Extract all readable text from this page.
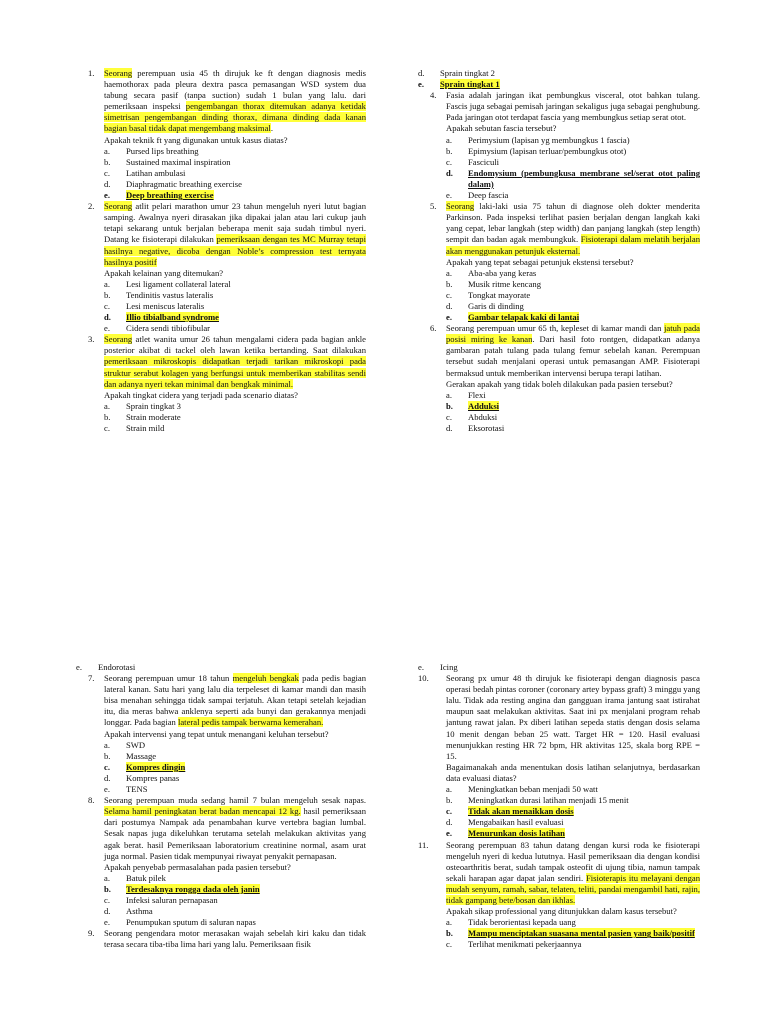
1. Seorang perempuan usia 45 th dirujuk ke ft dengan diagnosis medis haemothorax pada pleura dextra pasca pemasangan WSD system dua tabung secara pasif (tanpa suction) sudah 1 bulan yang lalu. dari pemeriksaan inspeksi pengembangan thorax ditemukan adanya ketidak simetrisan pengembangan dinding thorax, dimana dinding dada kanan bagian basal tidak dapat mengembang maksimal.

Apakah teknik ft yang digunakan untuk kasus diatas?

a. Pursed lips breathing
b. Sustained maximal inspiration
c. Latihan ambulasi
d. Diaphragmatic breathing exercise
e. Deep breathing exercise
2. Seorang atlit pelari marathon umur 23 tahun mengeluh nyeri lutut bagian samping. Awalnya nyeri dirasakan jika dipakai jalan atau lari cukup jauh tetapi sekarang untuk berjalan beberapa menit saja sudah timbul nyeri. Datang ke fisioterapi dilakukan pemeriksaan dengan tes MC Murray tetapi hasilnya negative, dicoba dengan Noble’s compression test ternyata hasilnya positif

Apakah kelainan yang ditemukan?

a. Lesi ligament collateral lateral
b. Tendinitis vastus lateralis
c. Lesi meniscus lateralis
d. Illio tibialband syndrome
e. Cidera sendi tibiofibular
3. Seorang atlet wanita umur 26 tahun mengalami cidera pada bagian ankle posterior akibat di tackel oleh lawan ketika bertanding. Saat dilakukan pemeriksaan mikroskopis didapatkan terjadi tarikan mikroskopi pada struktur serabut kolagen yang berfungsi untuk memberikan stabilitas sendi dan adanya nyeri tekan minimal dan bengkak minimal.

Apakah tingkat cidera yang terjadi pada scenario diatas?

a. Sprain tingkat 3
b. Strain moderate
c. Strain mild
d. Sprain tingkat 2
e. Sprain tingkat 1
4. Fasia adalah jaringan ikat pembungkus visceral, otot bahkan tulang. Fascis juga sebagai pemisah jaringan sekaligus juga sebagai penghubung. Pada jaringan otot terdapat fascia yang membungkus setiap serat otot.

Apakah sebutan fascia tersebut?

a. Perimysium (lapisan yg membungkus 1 fascia)
b. Epimysium (lapisan terluar/pembungkus otot)
c. Fasciculi
d. Endomysium (pembungkusa membrane sel/serat otot paling dalam)
e. Deep fascia
5. Seorang laki-laki usia 75 tahun di diagnose oleh dokter menderita Parkinson. Pada inspeksi terlihat pasien berjalan dengan langkah kaki yang cepat, lebar langkah (step width) dan panjang langkah (step length) sempit dan badan agak membungkuk. Fisioterapi dalam melatih berjalan akan menggunakan petunjuk eksternal.

Apakah yang tepat sebagai petunjuk ekstensi tersebut?

a. Aba-aba yang keras
b. Musik ritme kencang
c. Tongkat mayorate
d. Garis di dinding
e. Gambar telapak kaki di lantai
6. Seorang perempuan umur 65 th, kepleset di kamar mandi dan jatuh pada posisi miring ke kanan. Dari hasil foto rontgen, didapatkan adanya gambaran patah tulang pada tulang femur sebelah kanan. Perempuan tersebut sudah menjalani operasi untuk pemasangan AMP. Fisioterapi bermaksud untuk memberikan intervensi berupa terapi latihan.

Gerakan apakah yang tidak boleh dilakukan pada pasien tersebut?

a. Flexi
b. Adduksi
c. Abduksi
d. Eksorotasi
e. Endorotasi
7. Seorang perempuan umur 18 tahun mengeluh bengkak pada pedis bagian lateral kanan. Satu hari yang lalu dia terpeleset di kamar mandi dan masih bisa menahan sehingga tidak sampai terjatuh. Akan tetapi setelah kejadian itu, dia meras bahwa anklenya seperti ada bunyi dan gerakannya menjadi longgar. Pada bagian lateral pedis tampak berwarna kemerahan.

Apakah intervensi yang tepat untuk menangani keluhan tersebut?

a. SWD
b. Massage
c. Kompres dingin
d. Kompres panas
e. TENS
8. Seorang perempuan muda sedang hamil 7 bulan mengeluh sesak napas. Selama hamil peningkatan berat badan mencapai 12 kg. hasil pemeriksaan dari postumya Nampak ada penambahan kurve vertebra bagian lumbal. Sesak napas juga dikeluhkan terutama setelah melakukan aktivitas yang agak berat. hasil Pemeriksaan laboratorium creatinine normal, asam urat juga normal. Pasien tidak mempunyai riwayat penyakit pernapasan.

Apakah penyebab permasalahan pada pasien tersebut?

a. Batuk pilek
b. Terdesaknya rongga dada oleh janin
c. Infeksi saluran pernapasan
d. Asthma
e. Penumpukan sputum di saluran napas
9. Seorang pengendara motor merasakan wajah sebelah kiri kaku dan tidak terasa secara tiba-tiba lima hari yang lalu. Pemeriksaan fisik

e. Icing
10. Seorang px umur 48 th dirujuk ke fisioterapi dengan diagnosis pasca operasi bedah pintas coroner (coronary artey bypass graft) 3 minggu yang lalu. Tidak ada resting angina dan gangguan irama jantung saat istirahat maupun saat melakukan aktivitas. Saat ini px menjalani program rehab jantung rawat jalan. Px diberi latihan sepeda statis dengan dosis selama 10 menit dengan beban 25 watt. Target HR = 120. Hasil evaluasi menunjukkan resting HR 72 bpm, HR aktivitas 125, skala borg RPE = 15.

Bagaimanakah anda menentukan dosis latihan selanjutnya, berdasarkan data evaluasi diatas?

a. Meningkatkan beban menjadi 50 watt
b. Meningkatkan durasi latihan menjadi 15 menit
c. Tidak akan menaikkan dosis
d. Mengabaikan hasil evaluasi
e. Menurunkan dosis latihan
11. Seorang perempuan 83 tahun datang dengan kursi roda ke fisioterapi mengeluh nyeri di kedua lututnya. Hasil pemeriksaan dia dengan kondisi osteoarthritis berat, sudah tampak osteofit di ujung tibia, namun tampak sekali harapan agar dapat jalan sendiri. Fisioterapis itu melayani dengan mudah senyum, ramah, sabar, telaten, teliti, pandai mengambil hati, rajin, tidak gampang bete/bosan dan ikhlas.

Apakah sikap professional yang ditunjukkan dalam kasus tersebut?

a. Tidak berorientasi kepada uang
b. Mampu menciptakan suasana mental pasien yang baik/positif
c. Terlihat menikmati pekerjaannya
